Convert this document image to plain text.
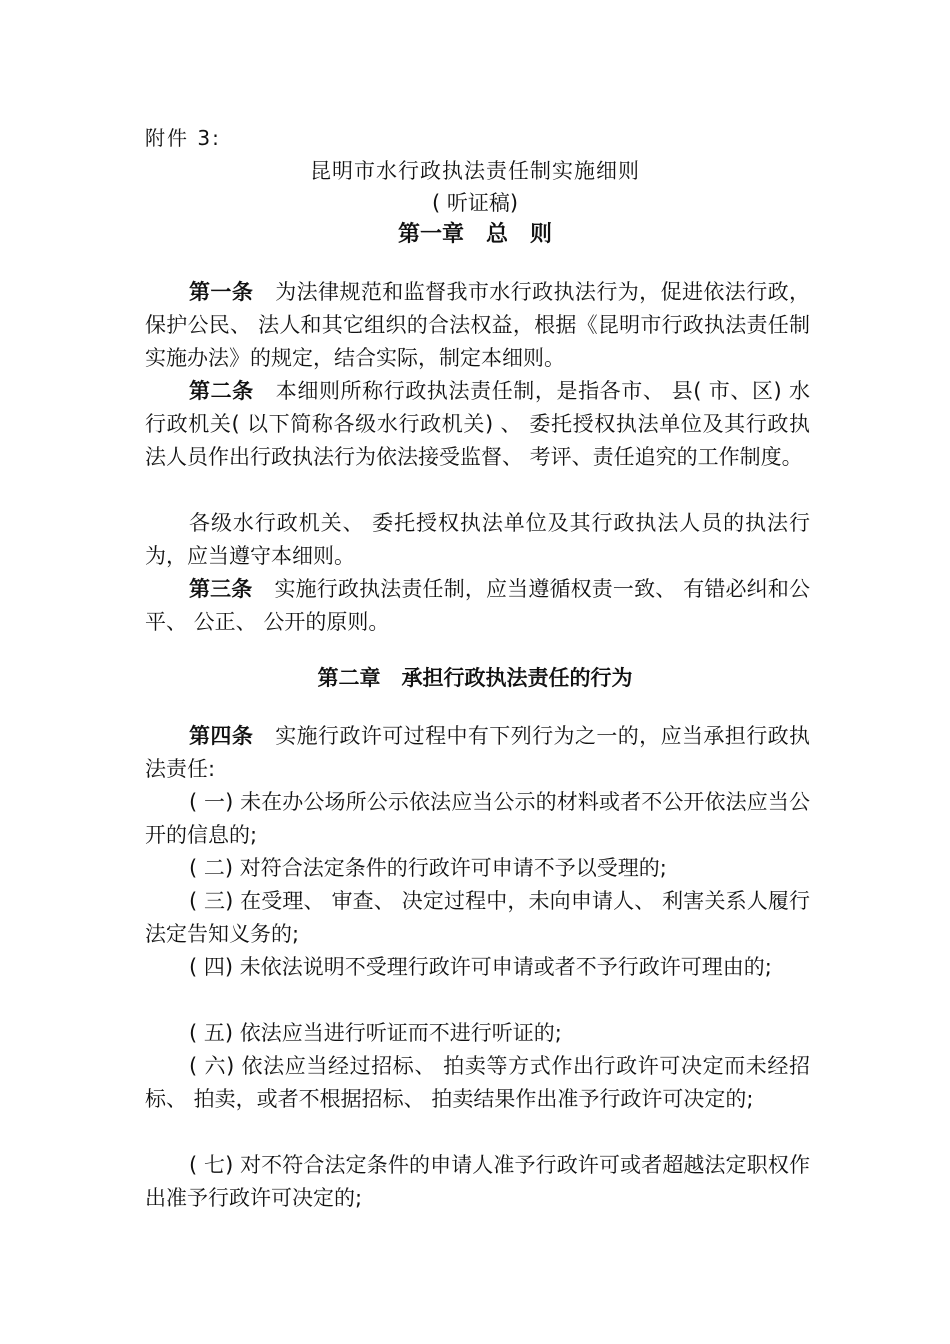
附件 3:
昆明市水行政执法责任制实施细则
( 听证稿)
第一章　总　则

第一条 为法律规范和监督我市水行政执法行为，促进依法行政，保护公民、 法人和其它组织的合法权益，根据《昆明市行政执法责任制实施办法》的规定，结合实际，制定本细则。

第二条 本细则所称行政执法责任制，是指各市、 县( 市、区) 水行政机关( 以下简称各级水行政机关) 、 委托授权执法单位及其行政执法人员作出行政执法行为依法接受监督、 考评、责任追究的工作制度。

各级水行政机关、 委托授权执法单位及其行政执法人员的执法行为，应当遵守本细则。

第三条 实施行政执法责任制，应当遵循权责一致、 有错必纠和公平、 公正、 公开的原则。

第二章　承担行政执法责任的行为

第四条 实施行政许可过程中有下列行为之一的，应当承担行政执法责任:

( 一) 未在办公场所公示依法应当公示的材料或者不公开依法应当公开的信息的;

( 二) 对符合法定条件的行政许可申请不予以受理的;

( 三) 在受理、 审查、 决定过程中，未向申请人、 利害关系人履行法定告知义务的;

( 四) 未依法说明不受理行政许可申请或者不予行政许可理由的;

( 五) 依法应当进行听证而不进行听证的;

( 六) 依法应当经过招标、 拍卖等方式作出行政许可决定而未经招标、 拍卖，或者不根据招标、 拍卖结果作出准予行政许可决定的;

( 七) 对不符合法定条件的申请人准予行政许可或者超越法定职权作出准予行政许可决定的;
